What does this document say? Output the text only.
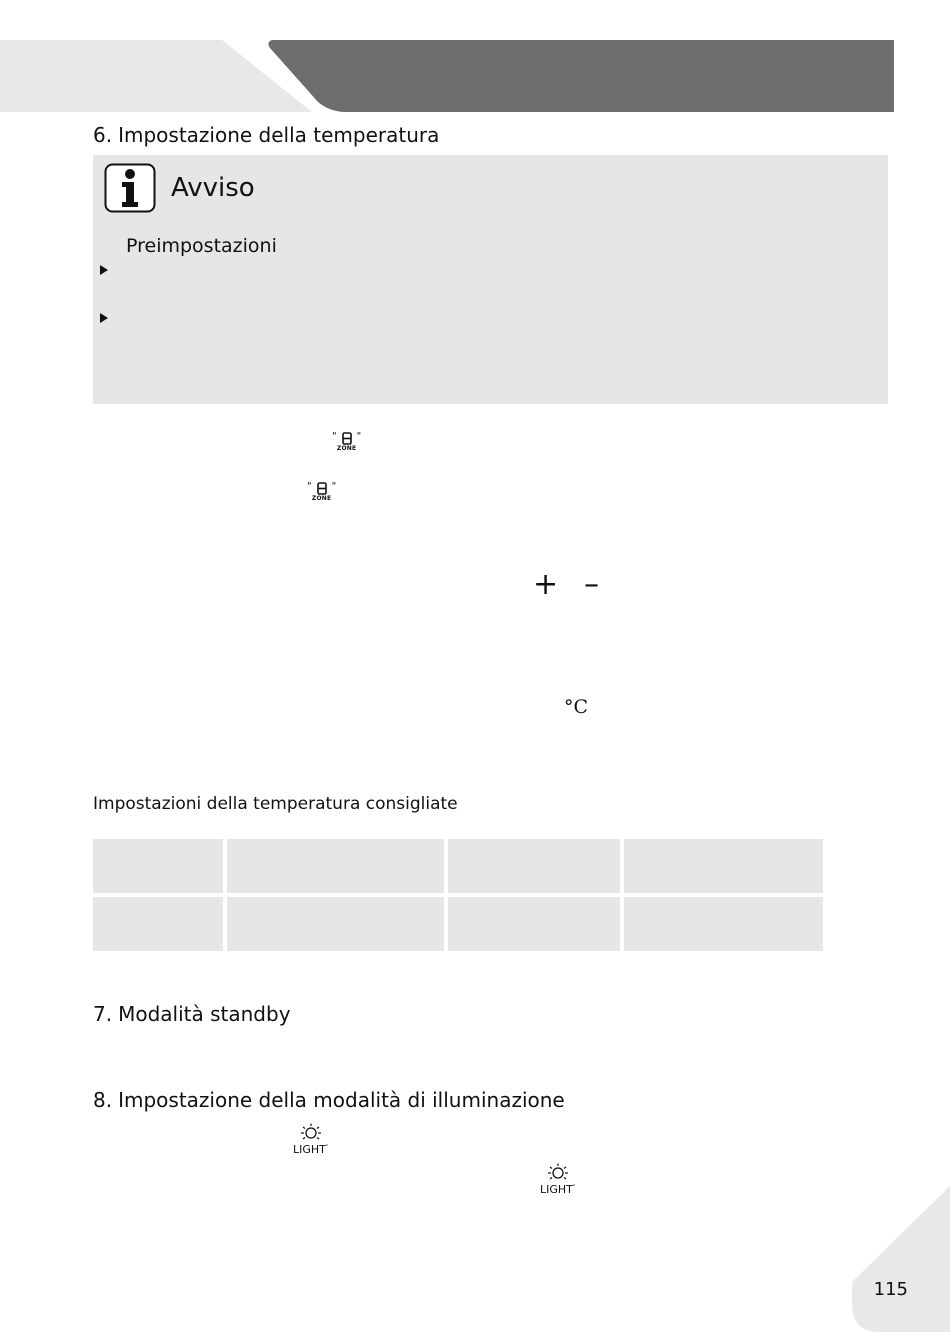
6. Impostazione della temperatura
Avviso
Preimpostazioni
" "
ZONE
" "
ZONE
+ –
°C
Impostazioni della temperatura consigliate

7. Modalità standby
8. Impostazione della modalità di illuminazione
LIGHT'
LIGHT'
115
